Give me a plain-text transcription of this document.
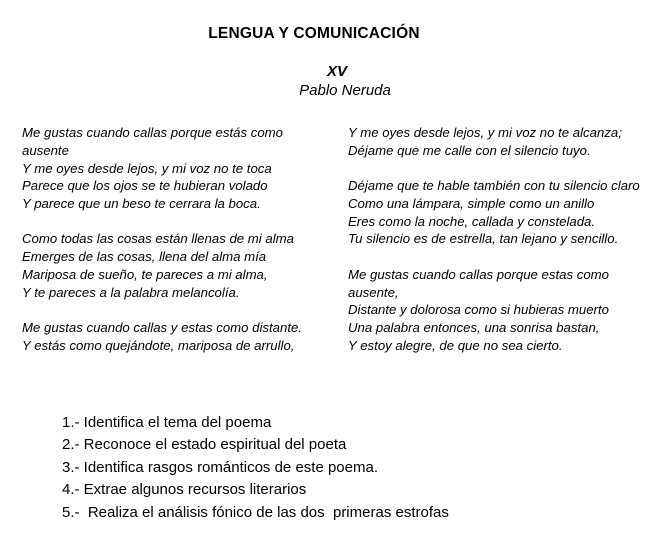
LENGUA Y COMUNICACIÓN
XV
Pablo Neruda
Me gustas cuando callas porque estás como
ausente
Y me oyes desde lejos, y mi voz no te toca
Parece que los ojos se te hubieran volado
Y parece que un beso te cerrara la boca.
Como todas las cosas están llenas de mi alma
Emerges de las cosas, llena del alma mía
Mariposa de sueño, te pareces a mi alma,
Y te pareces a la palabra melancolía.
Me gustas cuando callas y estas como distante.
Y estás como quejándote, mariposa de arrullo,
Y me oyes desde lejos, y mi voz no te alcanza;
Déjame que me calle con el silencio tuyo.
Déjame que te hable también con tu silencio claro
Como una lámpara, simple como un anillo
Eres como la noche, callada y constelada.
Tu silencio es de estrella, tan lejano y sencillo.
Me gustas cuando callas porque estas como
ausente,
Distante y dolorosa como si hubieras muerto
Una palabra entonces, una sonrisa bastan,
Y estoy alegre, de que no sea cierto.
1.- Identifica el tema del poema
2.- Reconoce el estado espiritual del poeta
3.- Identifica rasgos románticos de este poema.
4.- Extrae algunos recursos literarios
5.-  Realiza el análisis fónico de las dos  primeras estrofas
